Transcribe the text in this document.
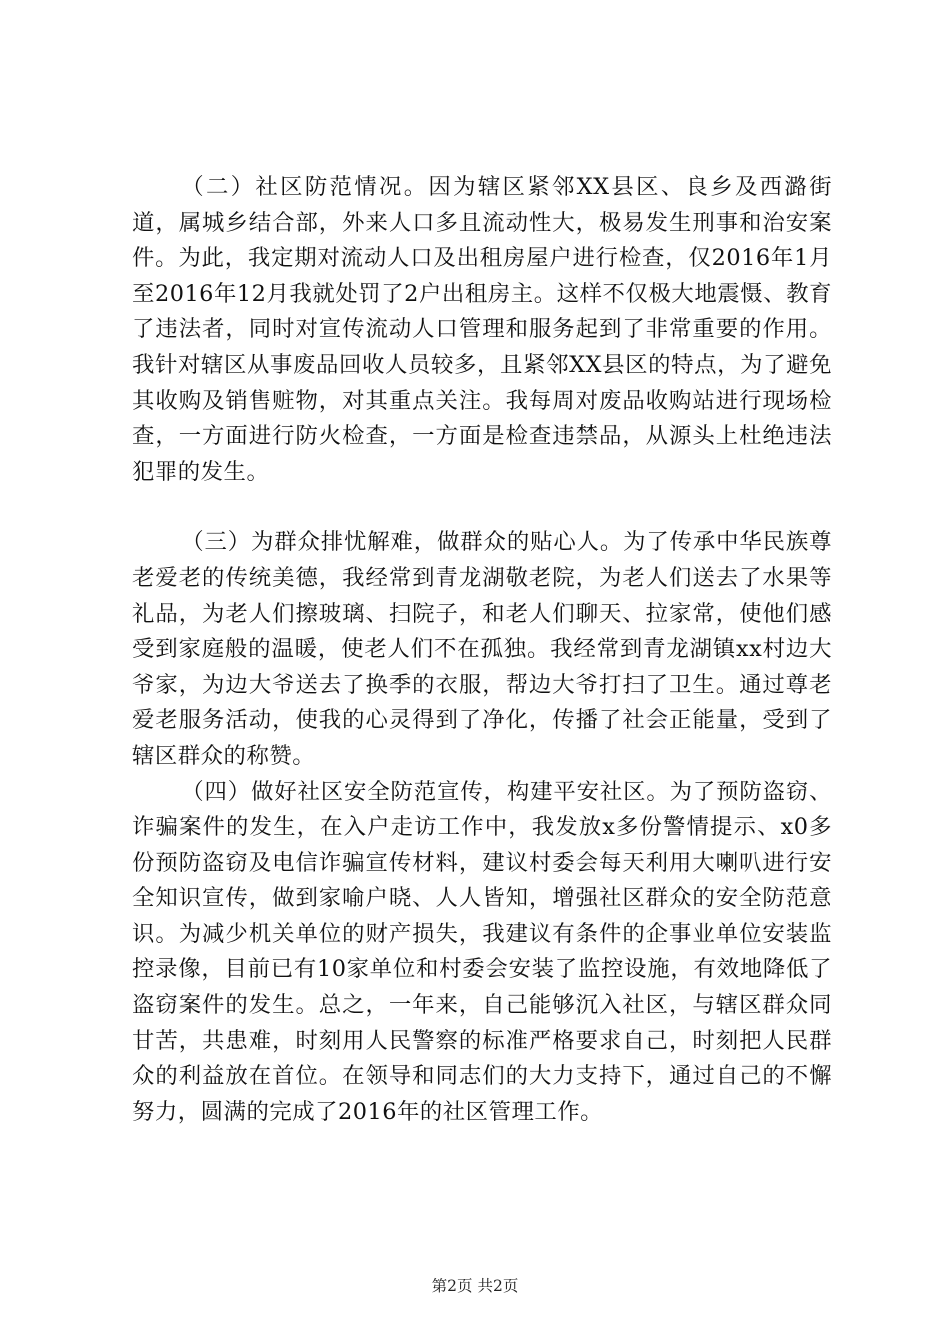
（二）社区防范情况。因为辖区紧邻XX县区、良乡及西潞街道，属城乡结合部，外来人口多且流动性大，极易发生刑事和治安案件。为此，我定期对流动人口及出租房屋户进行检查，仅2016年1月至2016年12月我就处罚了2户出租房主。这样不仅极大地震慑、教育了违法者，同时对宣传流动人口管理和服务起到了非常重要的作用。我针对辖区从事废品回收人员较多，且紧邻XX县区的特点，为了避免其收购及销售赃物，对其重点关注。我每周对废品收购站进行现场检查，一方面进行防火检查，一方面是检查违禁品，从源头上杜绝违法犯罪的发生。

（三）为群众排忧解难，做群众的贴心人。为了传承中华民族尊老爱老的传统美德，我经常到青龙湖敬老院，为老人们送去了水果等礼品，为老人们擦玻璃、扫院子，和老人们聊天、拉家常，使他们感受到家庭般的温暖，使老人们不在孤独。我经常到青龙湖镇xx村边大爷家，为边大爷送去了换季的衣服，帮边大爷打扫了卫生。通过尊老爱老服务活动，使我的心灵得到了净化，传播了社会正能量，受到了辖区群众的称赞。

（四）做好社区安全防范宣传，构建平安社区。为了预防盗窃、诈骗案件的发生，在入户走访工作中，我发放x多份警情提示、x0多份预防盗窃及电信诈骗宣传材料，建议村委会每天利用大喇叭进行安全知识宣传，做到家喻户晓、人人皆知，增强社区群众的安全防范意识。为减少机关单位的财产损失，我建议有条件的企事业单位安装监控录像，目前已有10家单位和村委会安装了监控设施，有效地降低了盗窃案件的发生。总之，一年来，自己能够沉入社区，与辖区群众同甘苦，共患难，时刻用人民警察的标准严格要求自己，时刻把人民群众的利益放在首位。在领导和同志们的大力支持下，通过自己的不懈努力，圆满的完成了2016年的社区管理工作。

第2页 共2页
